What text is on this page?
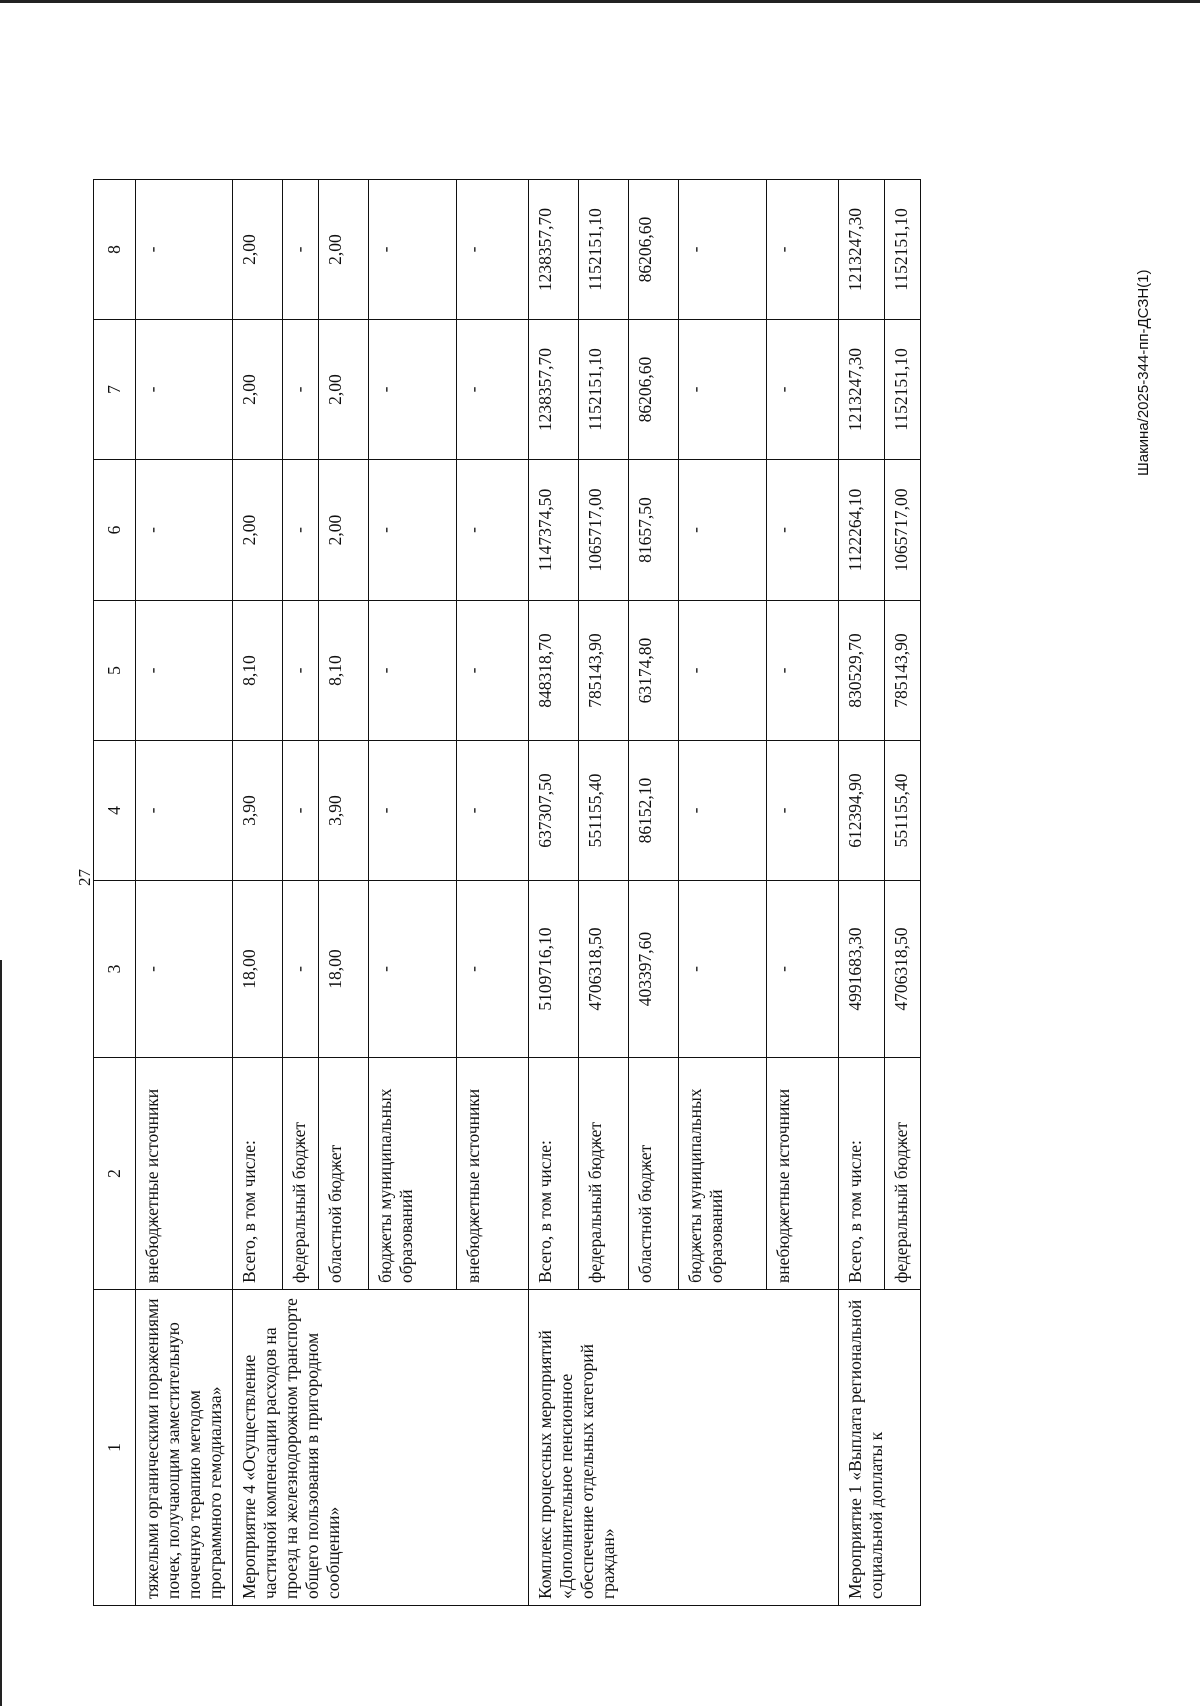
27
1	2	3	4	5	6	7	8
тяжелыми органическими поражениями почек, получающим заместительную почечную терапию методом программного гемодиализа»	внебюджетные источники	-	-	-	-	-	-
Мероприятие 4 «Осуществление частичной компенсации расходов на проезд на железнодорожном транспорте общего пользования в пригородном сообщении»	Всего, в том числе:	18,00	3,90	8,10	2,00	2,00	2,00
	федеральный бюджет	-	-	-	-	-	-
	областной бюджет	18,00	3,90	8,10	2,00	2,00	2,00
	бюджеты муниципальных образований	-	-	-	-	-	-
	внебюджетные источники	-	-	-	-	-	-
Комплекс процессных мероприятий «Дополнительное пенсионное обеспечение отдельных категорий граждан»	Всего, в том числе:	5109716,10	637307,50	848318,70	1147374,50	1238357,70	1238357,70
	федеральный бюджет	4706318,50	551155,40	785143,90	1065717,00	1152151,10	1152151,10
	областной бюджет	403397,60	86152,10	63174,80	81657,50	86206,60	86206,60
	бюджеты муниципальных образований	-	-	-	-	-	-
	внебюджетные источники	-	-	-	-	-	-
Мероприятие 1 «Выплата региональной социальной доплаты к	Всего, в том числе:	4991683,30	612394,90	830529,70	1122264,10	1213247,30	1213247,30
	федеральный бюджет	4706318,50	551155,40	785143,90	1065717,00	1152151,10	1152151,10
Шакина/2025-344-пп-ДСЗН(1)
